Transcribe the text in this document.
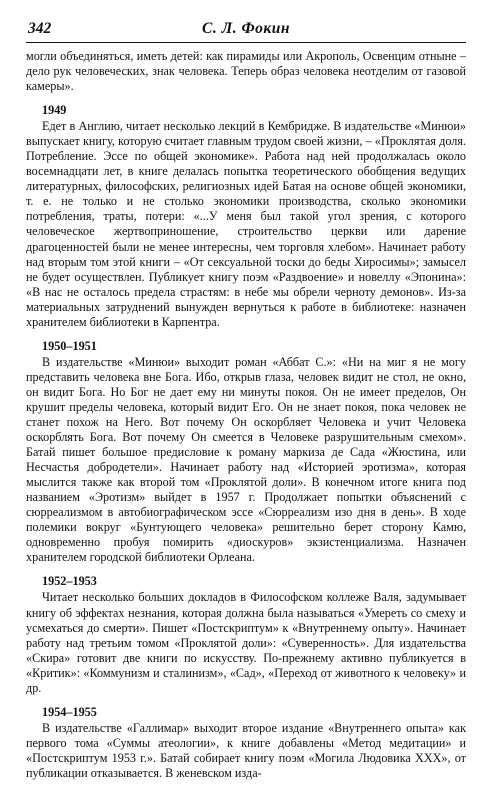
342	С. Л. Фокин

могли объединяться, иметь детей: как пирамиды или Акрополь, Освенцим отныне – дело рук человеческих, знак человека. Теперь образ человека неотделим от газовой камеры».

1949

Едет в Англию, читает несколько лекций в Кембридже. В издательстве «Минюи» выпускает книгу, которую считает главным трудом своей жизни, – «Проклятая доля. Потребление. Эссе по общей экономике». Работа над ней продолжалась около восемнадцати лет, в книге делалась попытка теоретического обобщения ведущих литературных, философских, религиозных идей Батая на основе общей экономики, т. е. не только и не столько экономики производства, сколько экономики потребления, траты, потери: «...У меня был такой угол зрения, с которого человеческое жертвоприношение, строительство церкви или дарение драгоценностей были не менее интересны, чем торговля хлебом». Начинает работу над вторым том этой книги – «От сексуальной тоски до беды Хиросимы»; замысел не будет осуществлен. Публикует книгу поэм «Раздвоение» и новеллу «Эпонина»: «В нас не осталось предела страстям: в небе мы обрели черноту демонов». Из-за материальных затруднений вынужден вернуться к работе в библиотеке: назначен хранителем библиотеки в Карпентра.

1950–1951

В издательстве «Минюи» выходит роман «Аббат С.»: «Ни на миг я не могу представить человека вне Бога. Ибо, открыв глаза, человек видит не стол, не окно, он видит Бога. Но Бог не дает ему ни минуты покоя. Он не имеет пределов, Он крушит пределы человека, который видит Его. Он не знает покоя, пока человек не станет похож на Него. Вот почему Он оскорбляет Человека и учит Человека оскорблять Бога. Вот почему Он смеется в Человеке разрушительным смехом». Батай пишет большое предисловие к роману маркиза де Сада «Жюстина, или Несчастья добродетели». Начинает работу над «Историей эротизма», которая мыслится также как второй том «Проклятой доли». В конечном итоге книга под названием «Эротизм» выйдет в 1957 г. Продолжает попытки объяснений с сюрреализмом в автобиографическом эссе «Сюрреализм изо дня в день». В ходе полемики вокруг «Бунтующего человека» решительно берет сторону Камю, одновременно пробуя помирить «диоскуров» экзистенциализма. Назначен хранителем городской библиотеки Орлеана.

1952–1953

Читает несколько больших докладов в Философском коллеже Валя, задумывает книгу об эффектах незнания, которая должна была называться «Умереть со смеху и усмехаться до смерти». Пишет «Постскриптум» к «Внутреннему опыту». Начинает работу над третьим томом «Проклятой доли»: «Суверенность». Для издательства «Скира» готовит две книги по искусству. По-прежнему активно публикуется в «Критик»: «Коммунизм и сталинизм», «Сад», «Переход от животного к человеку» и др.

1954–1955

В издательстве «Галлимар» выходит второе издание «Внутреннего опыта» как первого тома «Суммы атеологии», к книге добавлены «Метод медитации» и «Постскриптум 1953 г.». Батай собирает книгу поэм «Могила Людовика XXX», от публикации отказывается. В женевском изда-
